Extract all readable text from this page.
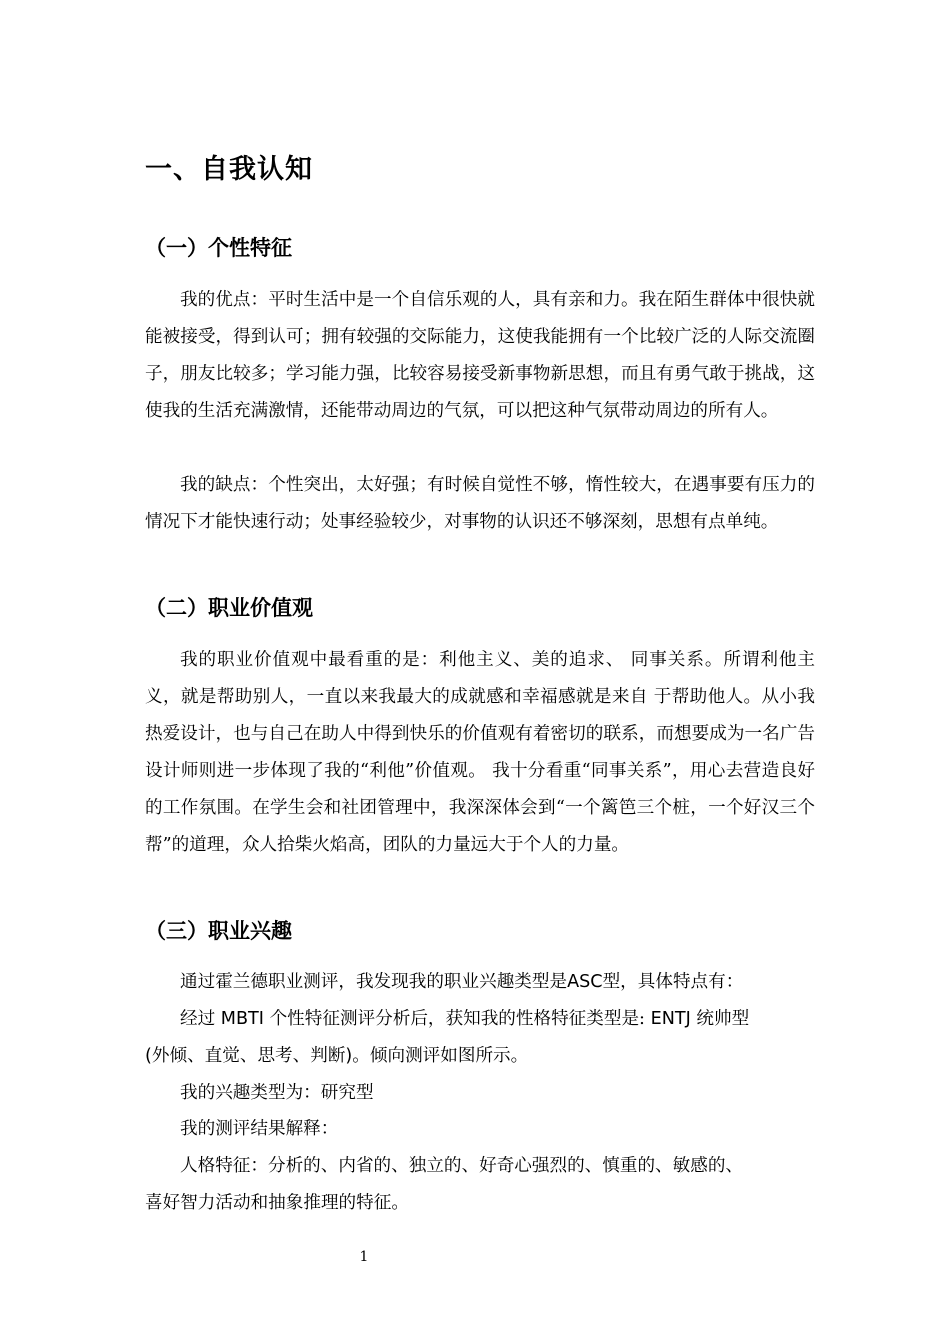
一、自我认知
（一）个性特征

我的优点：平时生活中是一个自信乐观的人，具有亲和力。我在陌生群体中很快就能被接受，得到认可；拥有较强的交际能力，这使我能拥有一个比较广泛的人际交流圈子，朋友比较多；学习能力强，比较容易接受新事物新思想，而且有勇气敢于挑战，这使我的生活充满激情，还能带动周边的气氛，可以把这种气氛带动周边的所有人。

我的缺点：个性突出，太好强；有时候自觉性不够，惰性较大，在遇事要有压力的情况下才能快速行动；处事经验较少，对事物的认识还不够深刻，思想有点单纯。

（二）职业价值观

我的职业价值观中最看重的是：利他主义、美的追求、 同事关系。所谓利他主义，就是帮助别人，一直以来我最大的成就感和幸福感就是来自 于帮助他人。从小我热爱设计，也与自己在助人中得到快乐的价值观有着密切的联系，而想要成为一名广告设计师则进一步体现了我的“利他”价值观。 我十分看重“同事关系”，用心去营造良好的工作氛围。在学生会和社团管理中，我深深体会到“一个篱笆三个桩，一个好汉三个帮”的道理，众人拾柴火焰高，团队的力量远大于个人的力量。

（三）职业兴趣
通过霍兰德职业测评，我发现我的职业兴趣类型是ASC型，具体特点有：
经过 MBTI 个性特征测评分析后，获知我的性格特征类型是: ENTJ 统帅型
(外倾、直觉、思考、判断)。倾向测评如图所示。
我的兴趣类型为：研究型
我的测评结果解释：
人格特征：分析的、内省的、独立的、好奇心强烈的、慎重的、敏感的、
喜好智力活动和抽象推理的特征。
1
